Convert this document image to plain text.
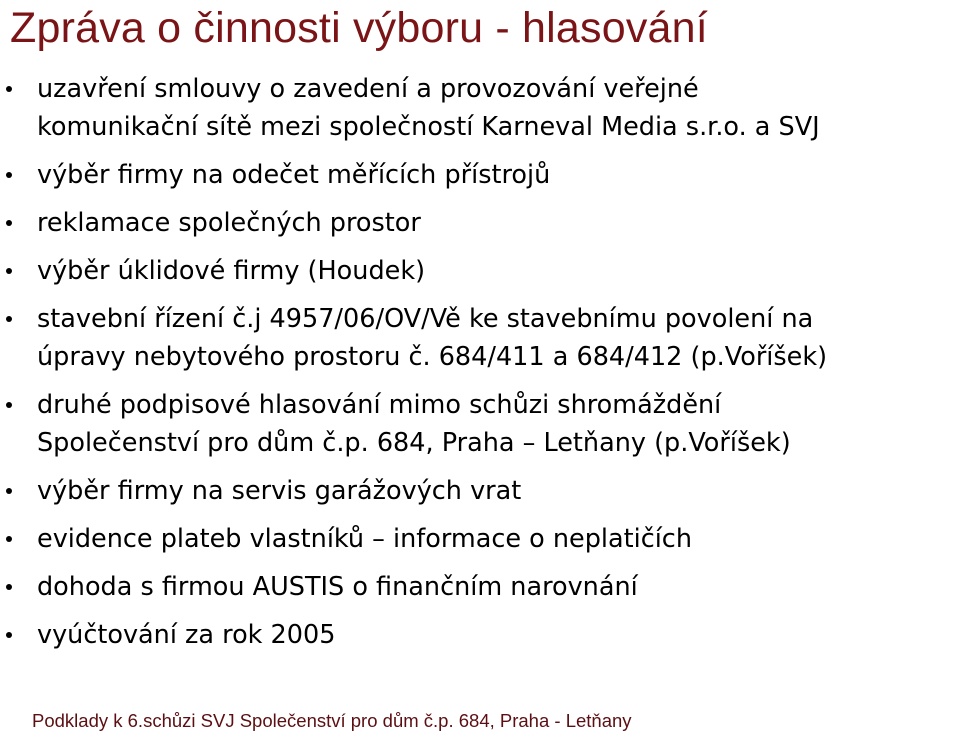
Zpráva o činnosti výboru - hlasování
uzavření smlouvy o zavedení a provozování veřejné
komunikační sítě mezi společností Karneval Media s.r.o. a SVJ
výběr firmy na odečet měřících přístrojů
reklamace společných prostor
výběr úklidové firmy (Houdek)
stavební řízení č.j 4957/06/OV/Vě ke stavebnímu povolení na
úpravy nebytového prostoru č. 684/411 a 684/412 (p.Voříšek)
druhé podpisové hlasování mimo schůzi shromáždění
Společenství pro dům č.p. 684, Praha – Letňany (p.Voříšek)
výběr firmy na servis garážových vrat
evidence plateb vlastníků – informace o neplatičích
dohoda s firmou AUSTIS o finančním narovnání
vyúčtování za rok 2005
Podklady k 6.schůzi SVJ Společenství pro dům č.p. 684, Praha - Letňany
